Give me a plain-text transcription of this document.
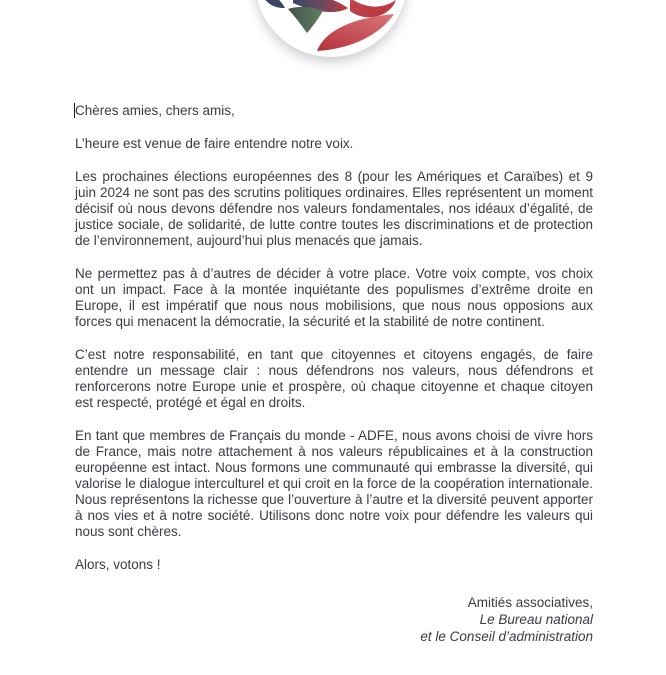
Chères amies, chers amis,

L’heure est venue de faire entendre notre voix.

Les prochaines élections européennes des 8 (pour les Amériques et Caraïbes) et 9 juin 2024 ne sont pas des scrutins politiques ordinaires. Elles représentent un moment décisif où nous devons défendre nos valeurs fondamentales, nos idéaux d’égalité, de justice sociale, de solidarité, de lutte contre toutes les discriminations et de protection de l’environnement, aujourd’hui plus menacés que jamais.

Ne permettez pas à d’autres de décider à votre place. Votre voix compte, vos choix ont un impact. Face à la montée inquiétante des populismes d’extrême droite en Europe, il est impératif que nous nous mobilisions, que nous nous opposions aux forces qui menacent la démocratie, la sécurité et la stabilité de notre continent.

C’est notre responsabilité, en tant que citoyennes et citoyens engagés, de faire entendre un message clair : nous défendrons nos valeurs, nous défendrons et renforcerons notre Europe unie et prospère, où chaque citoyenne et chaque citoyen est respecté, protégé et égal en droits.

En tant que membres de Français du monde - ADFE, nous avons choisi de vivre hors de France, mais notre attachement à nos valeurs républicaines et à la construction européenne est intact. Nous formons une communauté qui embrasse la diversité, qui valorise le dialogue interculturel et qui croit en la force de la coopération internationale. Nous représentons la richesse que l’ouverture à l’autre et la diversité peuvent apporter à nos vies et à notre société. Utilisons donc notre voix pour défendre les valeurs qui nous sont chères.

Alors, votons !

Amitiés associatives,
Le Bureau national
et le Conseil d’administration
